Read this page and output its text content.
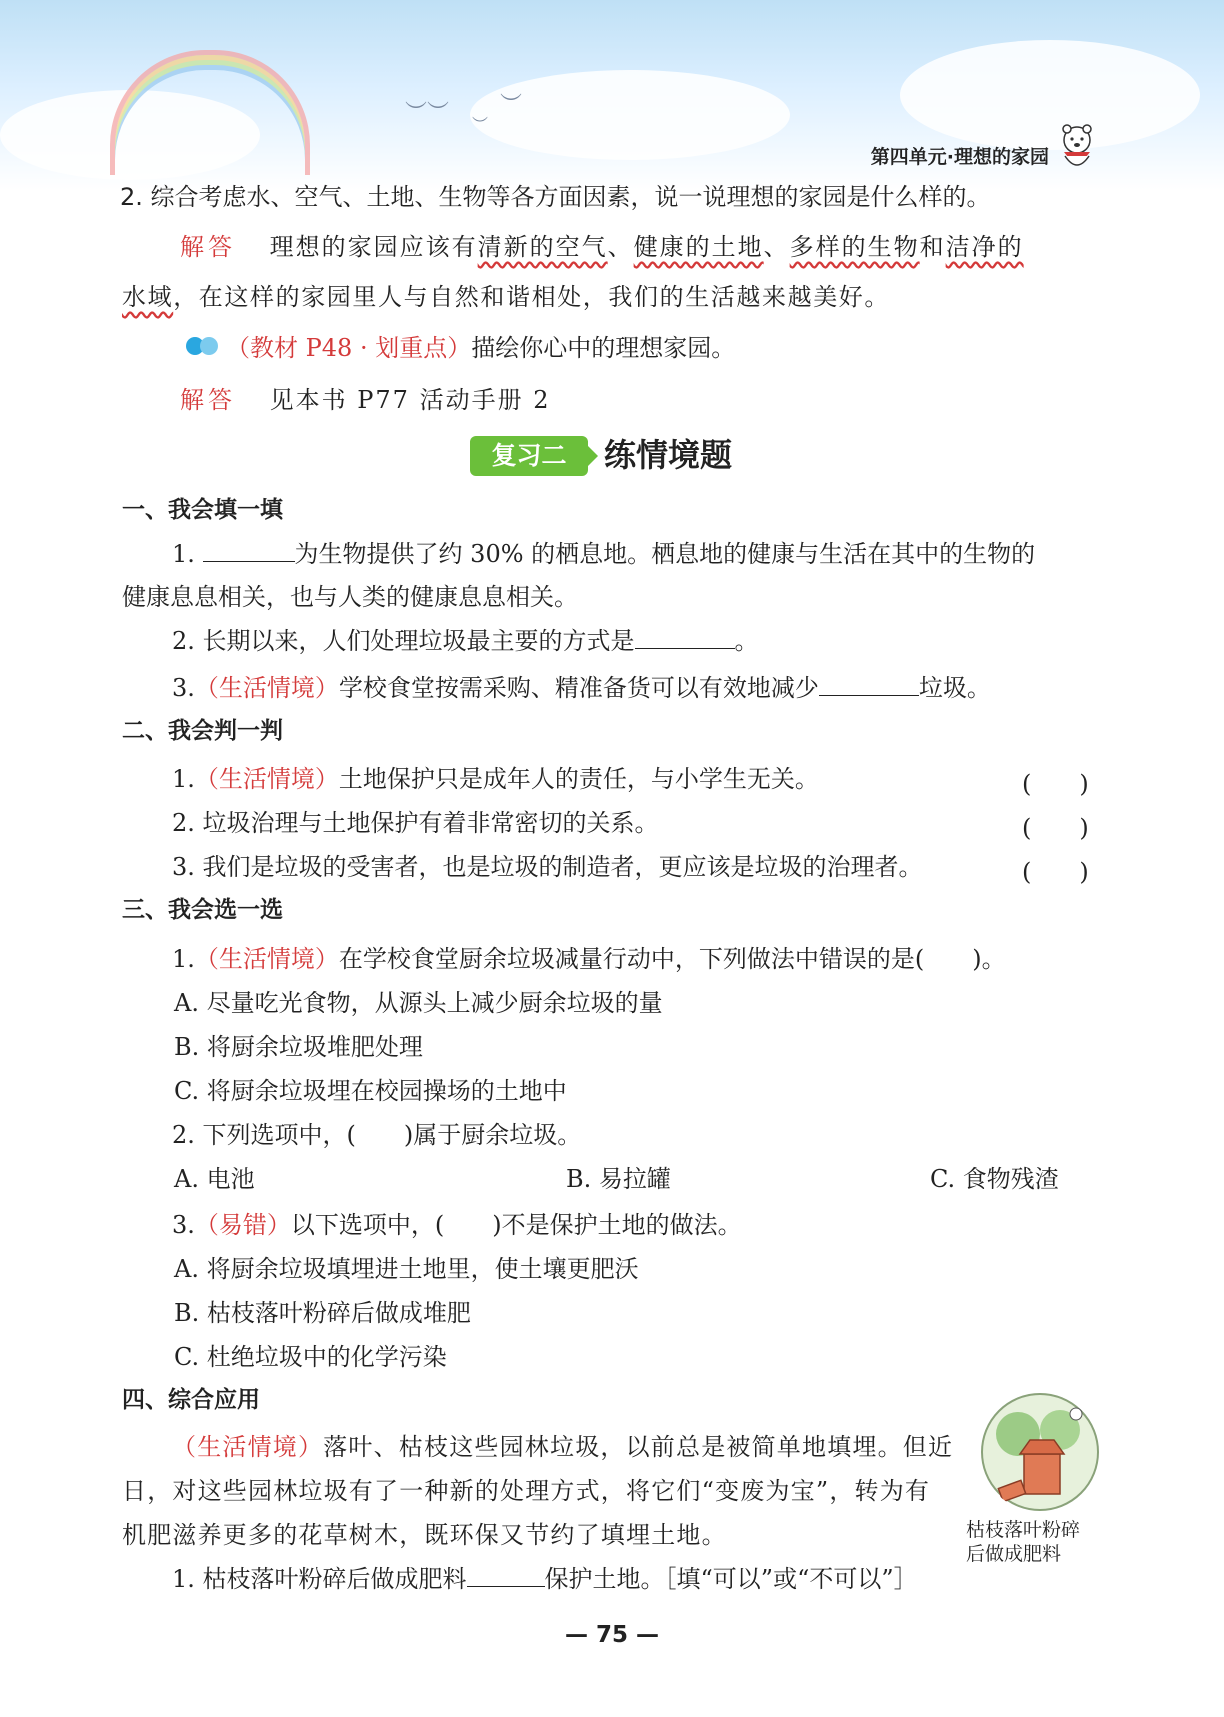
︶︶ ︶
︶
第四单元·理想的家园
2. 综合考虑水、空气、土地、生物等各方面因素，说一说理想的家园是什么样的。
解答 理想的家园应该有清新的空气、健康的土地、多样的生物和洁净的
水域，在这样的家园里人与自然和谐相处，我们的生活越来越美好。
（教材 P48 · 划重点）描绘你心中的理想家园。
解答 见本书 P77 活动手册 2
复习二	练情境题
一、我会填一填
1.	为生物提供了约 30% 的栖息地。栖息地的健康与生活在其中的生物的
健康息息相关，也与人类的健康息息相关。
2. 长期以来，人们处理垃圾最主要的方式是	。
3.（生活情境）学校食堂按需采购、精准备货可以有效地减少	垃圾。
二、我会判一判
1.（生活情境）土地保护只是成年人的责任，与小学生无关。	(　　)
2. 垃圾治理与土地保护有着非常密切的关系。	(　　)
3. 我们是垃圾的受害者，也是垃圾的制造者，更应该是垃圾的治理者。	(　　)
三、我会选一选
1.（生活情境）在学校食堂厨余垃圾减量行动中，下列做法中错误的是(　　)。
A. 尽量吃光食物，从源头上减少厨余垃圾的量
B. 将厨余垃圾堆肥处理
C. 将厨余垃圾埋在校园操场的土地中
2. 下列选项中，(　　)属于厨余垃圾。
A. 电池	B. 易拉罐	C. 食物残渣
3.（易错）以下选项中，(　　)不是保护土地的做法。
A. 将厨余垃圾填埋进土地里，使土壤更肥沃
B. 枯枝落叶粉碎后做成堆肥
C. 杜绝垃圾中的化学污染
四、综合应用
（生活情境）落叶、枯枝这些园林垃圾，以前总是被简单地填埋。但近
日，对这些园林垃圾有了一种新的处理方式，将它们“变废为宝”，转为有
机肥滋养更多的花草树木，既环保又节约了填埋土地。
1. 枯枝落叶粉碎后做成肥料	保护土地。［填“可以”或“不可以”］
枯枝落叶粉碎
后做成肥料
— 75 —
